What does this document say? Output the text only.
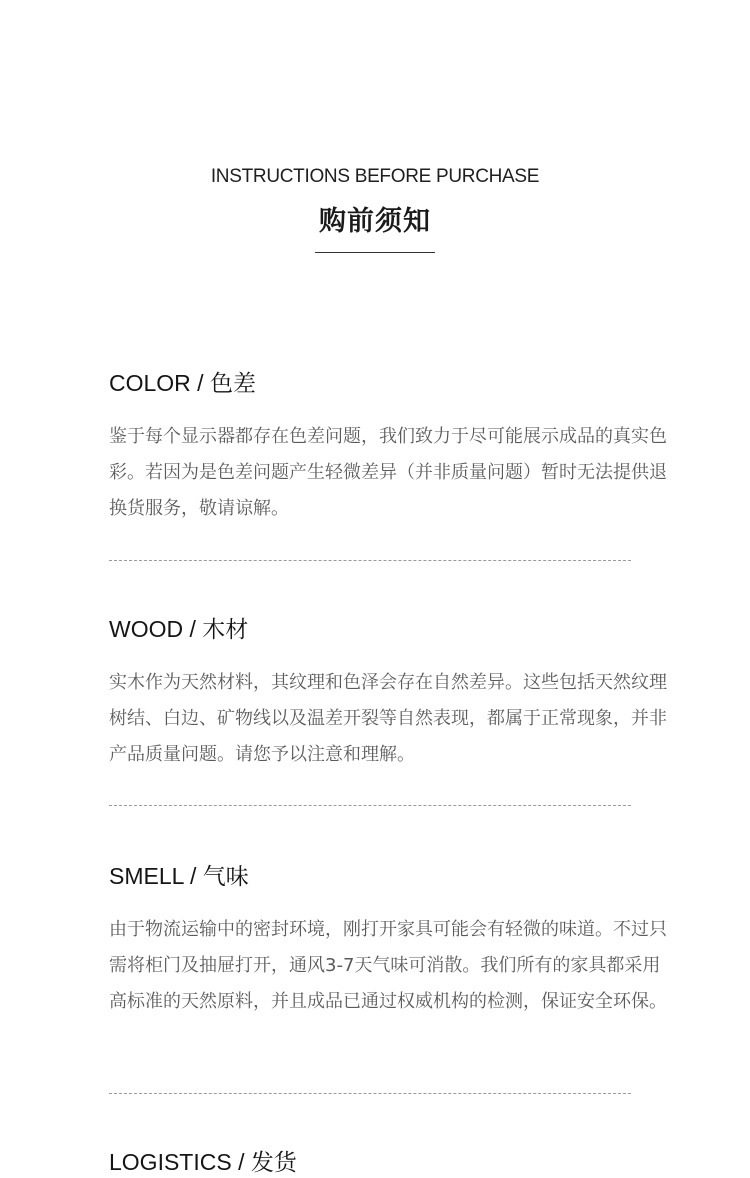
INSTRUCTIONS BEFORE PURCHASE
购前须知
COLOR / 色差
鉴于每个显示器都存在色差问题，我们致力于尽可能展示成品的真实色彩。若因为是色差问题产生轻微差异（并非质量问题）暂时无法提供退换货服务，敬请谅解。
WOOD / 木材
实木作为天然材料，其纹理和色泽会存在自然差异。这些包括天然纹理树结、白边、矿物线以及温差开裂等自然表现，都属于正常现象，并非产品质量问题。请您予以注意和理解。
SMELL / 气味
由于物流运输中的密封环境，刚打开家具可能会有轻微的味道。不过只需将柜门及抽屉打开，通风3-7天气味可消散。我们所有的家具都采用高标准的天然原料，并且成品已通过权威机构的检测，保证安全环保。
LOGISTICS / 发货
